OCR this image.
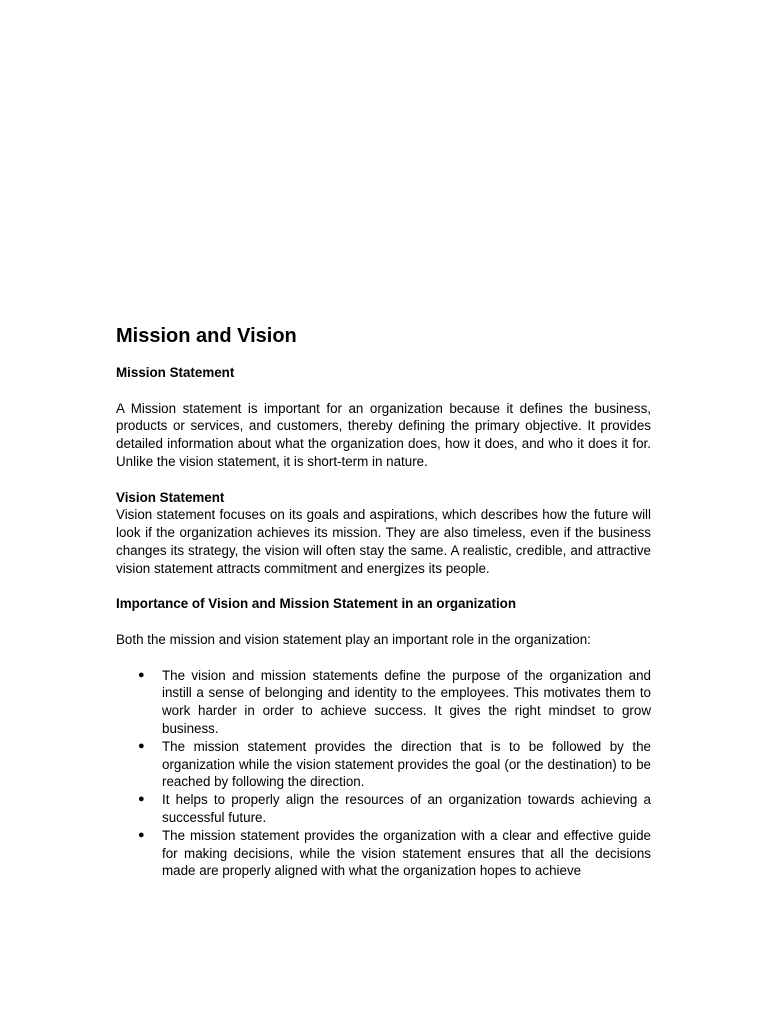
Mission and Vision

Mission Statement

A Mission statement is important for an organization because it defines the business, products or services, and customers, thereby defining the primary objective. It provides detailed information about what the organization does, how it does, and who it does it for. Unlike the vision statement, it is short-term in nature.

Vision Statement

Vision statement focuses on its goals and aspirations, which describes how the future will look if the organization achieves its mission. They are also timeless, even if the business changes its strategy, the vision will often stay the same. A realistic, credible, and attractive vision statement attracts commitment and energizes its people.

Importance of Vision and Mission Statement in an organization

Both the mission and vision statement play an important role in the organization:

● The vision and mission statements define the purpose of the organization and instill a sense of belonging and identity to the employees. This motivates them to work harder in order to achieve success. It gives the right mindset to grow business.
● The mission statement provides the direction that is to be followed by the organization while the vision statement provides the goal (or the destination) to be reached by following the direction.
● It helps to properly align the resources of an organization towards achieving a successful future.
● The mission statement provides the organization with a clear and effective guide for making decisions, while the vision statement ensures that all the decisions made are properly aligned with what the organization hopes to achieve
